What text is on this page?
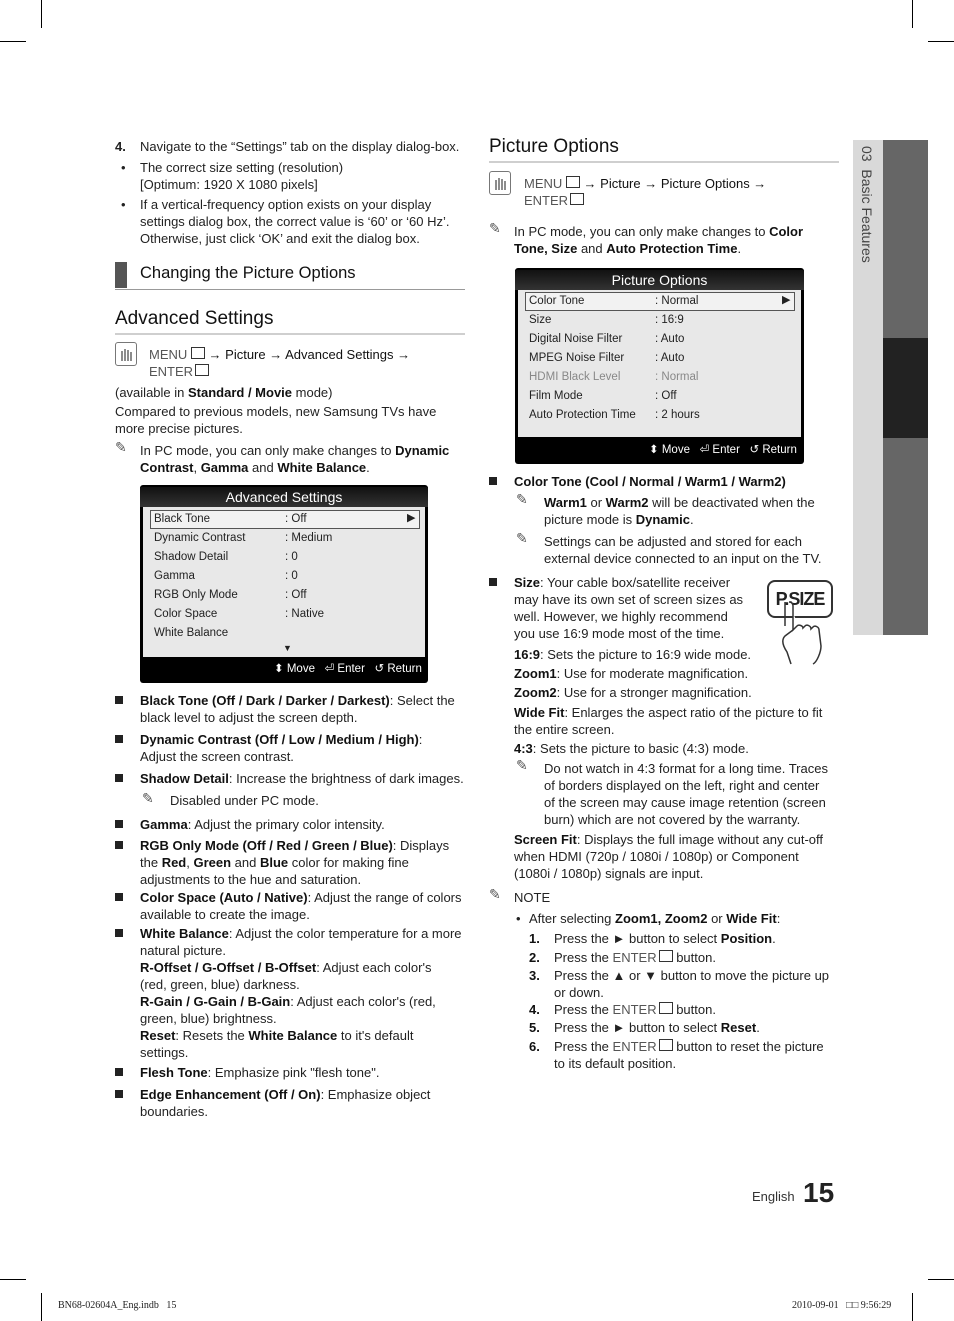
03  Basic Features
4. Navigate to the “Settings” tab on the display dialog-box.
• The correct size setting (resolution)
[Optimum: 1920 X 1080 pixels]
• If a vertical-frequency option exists on your display
settings dialog box, the correct value is ‘60’ or ‘60 Hz’.
Otherwise, just click ‘OK’ and exit the dialog box.
Changing the Picture Options
Advanced Settings
MENU → Picture → Advanced Settings →
ENTER
(available in Standard / Movie mode)
Compared to previous models, new Samsung TVs have
more precise pictures.
✎ In PC mode, you can only make changes to Dynamic
Contrast, Gamma and White Balance.
Advanced Settings
▶
Black Tone	: Off
Dynamic Contrast	: Medium
Shadow Detail	: 0
Gamma	: 0
RGB Only Mode	: Off
Color Space	: Native
White Balance
▼
⬍ Move ⏎ Enter ↺ Return
Black Tone (Off / Dark / Darker / Darkest): Select the
black level to adjust the screen depth.
Dynamic Contrast (Off / Low / Medium / High):
Adjust the screen contrast.
Shadow Detail: Increase the brightness of dark images.
✎ Disabled under PC mode.
Gamma: Adjust the primary color intensity.
RGB Only Mode (Off / Red / Green / Blue): Displays
the Red, Green and Blue color for making fine
adjustments to the hue and saturation.
Color Space (Auto / Native): Adjust the range of colors
available to create the image.
White Balance: Adjust the color temperature for a more
natural picture.
R-Offset / G-Offset / B-Offset: Adjust each color's
(red, green, blue) darkness.
R-Gain / G-Gain / B-Gain: Adjust each color's (red,
green, blue) brightness.
Reset: Resets the White Balance to it's default
settings.
Flesh Tone: Emphasize pink "flesh tone".
Edge Enhancement (Off / On): Emphasize object
boundaries.
Picture Options
MENU → Picture → Picture Options →
ENTER
✎ In PC mode, you can only make changes to Color
Tone, Size and Auto Protection Time.
Picture Options
▶
Color Tone	: Normal
Size	: 16:9
Digital Noise Filter	: Auto
MPEG Noise Filter	: Auto
HDMI Black Level	: Normal
Film Mode	: Off
Auto Protection Time : 2 hours
⬍ Move ⏎ Enter ↺ Return
Color Tone (Cool / Normal / Warm1 / Warm2)
✎ Warm1 or Warm2 will be deactivated when the
picture mode is Dynamic.
✎ Settings can be adjusted and stored for each
external device connected to an input on the TV.
Size: Your cable box/satellite receiver
may have its own set of screen sizes as
well. However, we highly recommend
you use 16:9 mode most of the time.
P.SIZE
16:9: Sets the picture to 16:9 wide mode.
Zoom1: Use for moderate magnification.
Zoom2: Use for a stronger magnification.
Wide Fit: Enlarges the aspect ratio of the picture to fit
the entire screen.
4:3: Sets the picture to basic (4:3) mode.
✎ Do not watch in 4:3 format for a long time. Traces
of borders displayed on the left, right and center
of the screen may cause image retention (screen
burn) which are not covered by the warranty.
Screen Fit: Displays the full image without any cut-off
when HDMI (720p / 1080i / 1080p) or Component
(1080i / 1080p) signals are input.
✎ NOTE
• After selecting Zoom1, Zoom2 or Wide Fit:
1. Press the ► button to select Position.
2. Press the ENTER button.
3. Press the ▲ or ▼ button to move the picture up
or down.
4. Press the ENTER button.
5. Press the ► button to select Reset.
6. Press the ENTER button to reset the picture
to its default position.
English 15
BN68-02604A_Eng.indb   15	2010-09-01   □□ 9:56:29
